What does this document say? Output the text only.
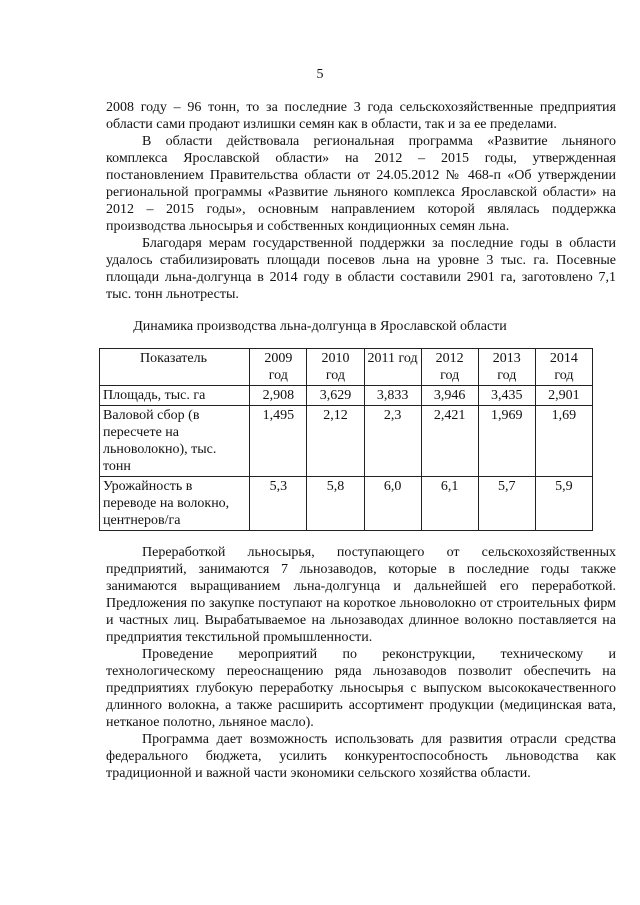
5

2008 году – 96 тонн, то за последние 3 года сельскохозяйственные предприятия области сами продают излишки семян как в области, так и за ее пределами.

В области действовала региональная программа «Развитие льняного комплекса Ярославской области» на 2012 – 2015 годы, утвержденная постановлением Правительства области от 24.05.2012 № 468-п «Об утверждении региональной программы «Развитие льняного комплекса Ярославской области» на 2012 – 2015 годы», основным направлением которой являлась поддержка производства льносырья и собственных кондиционных семян льна.

Благодаря мерам государственной поддержки за последние годы в области удалось стабилизировать площади посевов льна на уровне 3 тыс. га. Посевные площади льна-долгунца в 2014 году в области составили 2901 га, заготовлено 7,1 тыс. тонн льнотресты.

Динамика производства льна-долгунца в Ярославской области
Показатель	2009 год	2010 год	2011 год	2012 год	2013 год	2014 год
Площадь, тыс. га	2,908	3,629	3,833	3,946	3,435	2,901
Валовой сбор (в пересчете на льноволокно), тыс. тонн	1,495	2,12	2,3	2,421	1,969	1,69
Урожайность в переводе на волокно, центнеров/га	5,3	5,8	6,0	6,1	5,7	5,9

Переработкой льносырья, поступающего от сельскохозяйственных предприятий, занимаются 7 льнозаводов, которые в последние годы также занимаются выращиванием льна-долгунца и дальнейшей его переработкой. Предложения по закупке поступают на короткое льноволокно от строительных фирм и частных лиц. Вырабатываемое на льнозаводах длинное волокно поставляется на предприятия текстильной промышленности.

Проведение мероприятий по реконструкции, техническому и технологическому переоснащению ряда льнозаводов позволит обеспечить на предприятиях глубокую переработку льносырья с выпуском высококачественного длинного волокна, а также расширить ассортимент продукции (медицинская вата, нетканое полотно, льняное масло).

Программа дает возможность использовать для развития отрасли средства федерального бюджета, усилить конкурентоспособность льноводства как традиционной и важной части экономики сельского хозяйства области.
